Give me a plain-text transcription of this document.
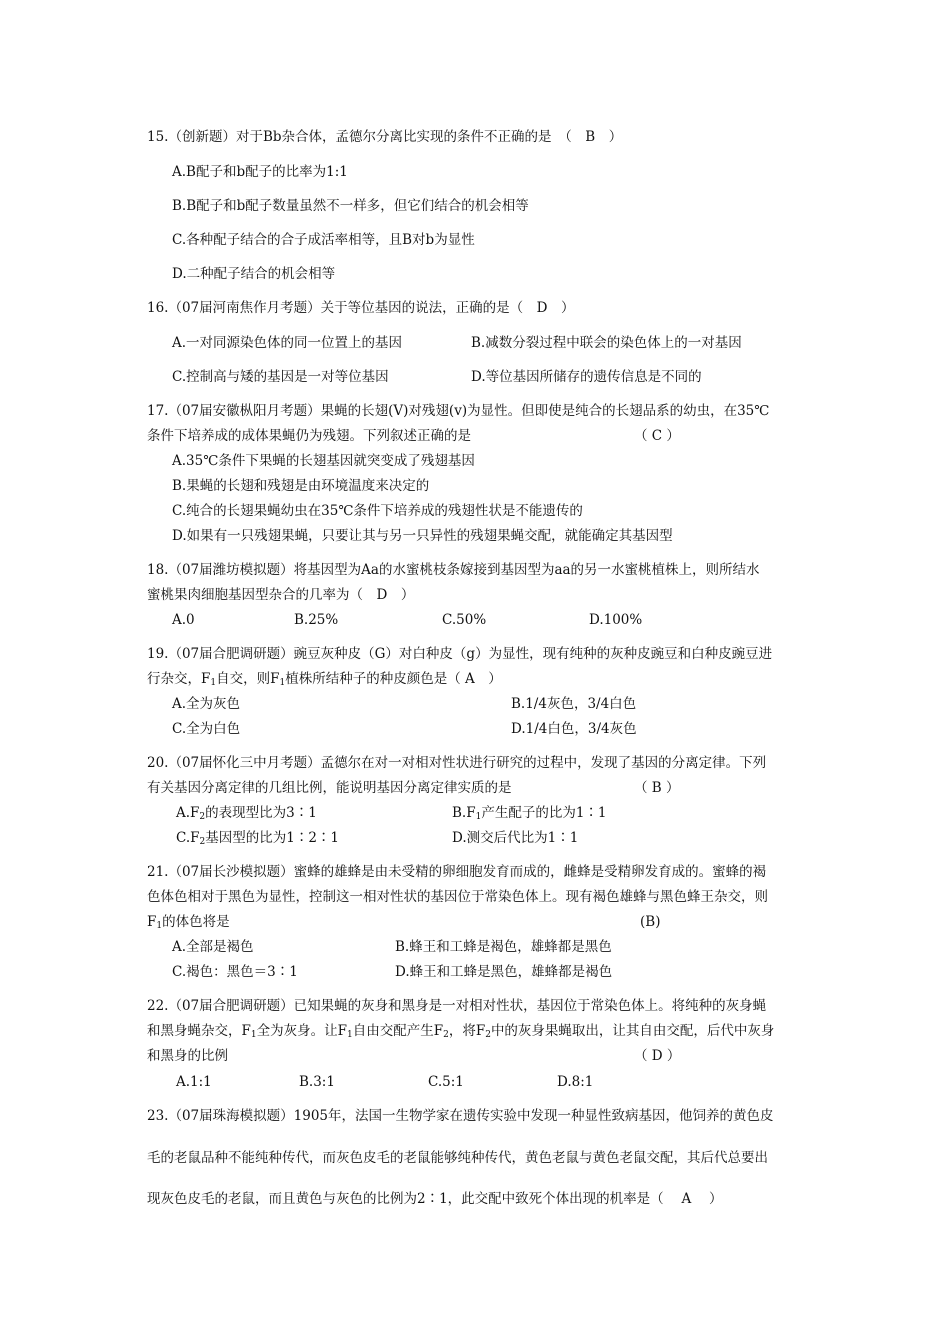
15.（创新题）对于Bb杂合体，孟德尔分离比实现的条件不正确的是　（　B　）
A.B配子和b配子的比率为1:1
B.B配子和b配子数量虽然不一样多，但它们结合的机会相等
C.各种配子结合的合子成活率相等，且B对b为显性
D.二种配子结合的机会相等
16.（07届河南焦作月考题）关于等位基因的说法，正确的是（　D　）
A.一对同源染色体的同一位置上的基因	B.减数分裂过程中联会的染色体上的一对基因
C.控制高与矮的基因是一对等位基因	D.等位基因所储存的遗传信息是不同的
17.（07届安徽枞阳月考题）果蝇的长翅(V)对残翅(v)为显性。但即使是纯合的长翅品系的幼虫，在35℃
条件下培养成的成体果蝇仍为残翅。下列叙述正确的是	（ C ）
A.35℃条件下果蝇的长翅基因就突变成了残翅基因
B.果蝇的长翅和残翅是由环境温度来决定的
C.纯合的长翅果蝇幼虫在35℃条件下培养成的残翅性状是不能遗传的
D.如果有一只残翅果蝇，只要让其与另一只异性的残翅果蝇交配，就能确定其基因型
18.（07届潍坊模拟题）将基因型为Aa的水蜜桃枝条嫁接到基因型为aa的另一水蜜桃植株上，则所结水
蜜桃果肉细胞基因型杂合的几率为（　D　）
A.0	B.25%	C.50%	D.100%
19.（07届合肥调研题）豌豆灰种皮（G）对白种皮（g）为显性，现有纯种的灰种皮豌豆和白种皮豌豆进
行杂交，$F_1$自交，则$F_1$植株所结种子的种皮颜色是（ A　）
A.全为灰色	B.1/4灰色，3/4白色
C.全为白色	D.1/4白色，3/4灰色
20.（07届怀化三中月考题）孟德尔在对一对相对性状进行研究的过程中，发现了基因的分离定律。下列
有关基因分离定律的几组比例，能说明基因分离定律实质的是	（ B ）
$A.F_2$的表现型比为3∶1	$B.F_1$产生配子的比为1∶1
$C.F_2$基因型的比为1∶2∶1	D.测交后代比为1∶1
21.（07届长沙模拟题）蜜蜂的雄蜂是由未受精的卵细胞发育而成的，雌蜂是受精卵发育成的。蜜蜂的褐
色体色相对于黑色为显性，控制这一相对性状的基因位于常染色体上。现有褐色雄蜂与黑色蜂王杂交，则
$F_1$的体色将是	(B)
A.全部是褐色	B.蜂王和工蜂是褐色，雄蜂都是黑色
C.褐色：黑色＝3∶1	D.蜂王和工蜂是黑色，雄蜂都是褐色
22.（07届合肥调研题）已知果蝇的灰身和黑身是一对相对性状，基因位于常染色体上。将纯种的灰身蝇
和黑身蝇杂交，$F_1$全为灰身。让$F_1$自由交配产生$F_2$，将$F_2$中的灰身果蝇取出，让其自由交配，后代中灰身
和黑身的比例	（ D ）
A.1:1	B.3:1	C.5:1	D.8:1
23.（07届珠海模拟题）1905年，法国一生物学家在遗传实验中发现一种显性致病基因，他饲养的黄色皮
毛的老鼠品种不能纯种传代，而灰色皮毛的老鼠能够纯种传代，黄色老鼠与黄色老鼠交配，其后代总要出
现灰色皮毛的老鼠，而且黄色与灰色的比例为2∶1，此交配中致死个体出现的机率是（　 A　 ）
